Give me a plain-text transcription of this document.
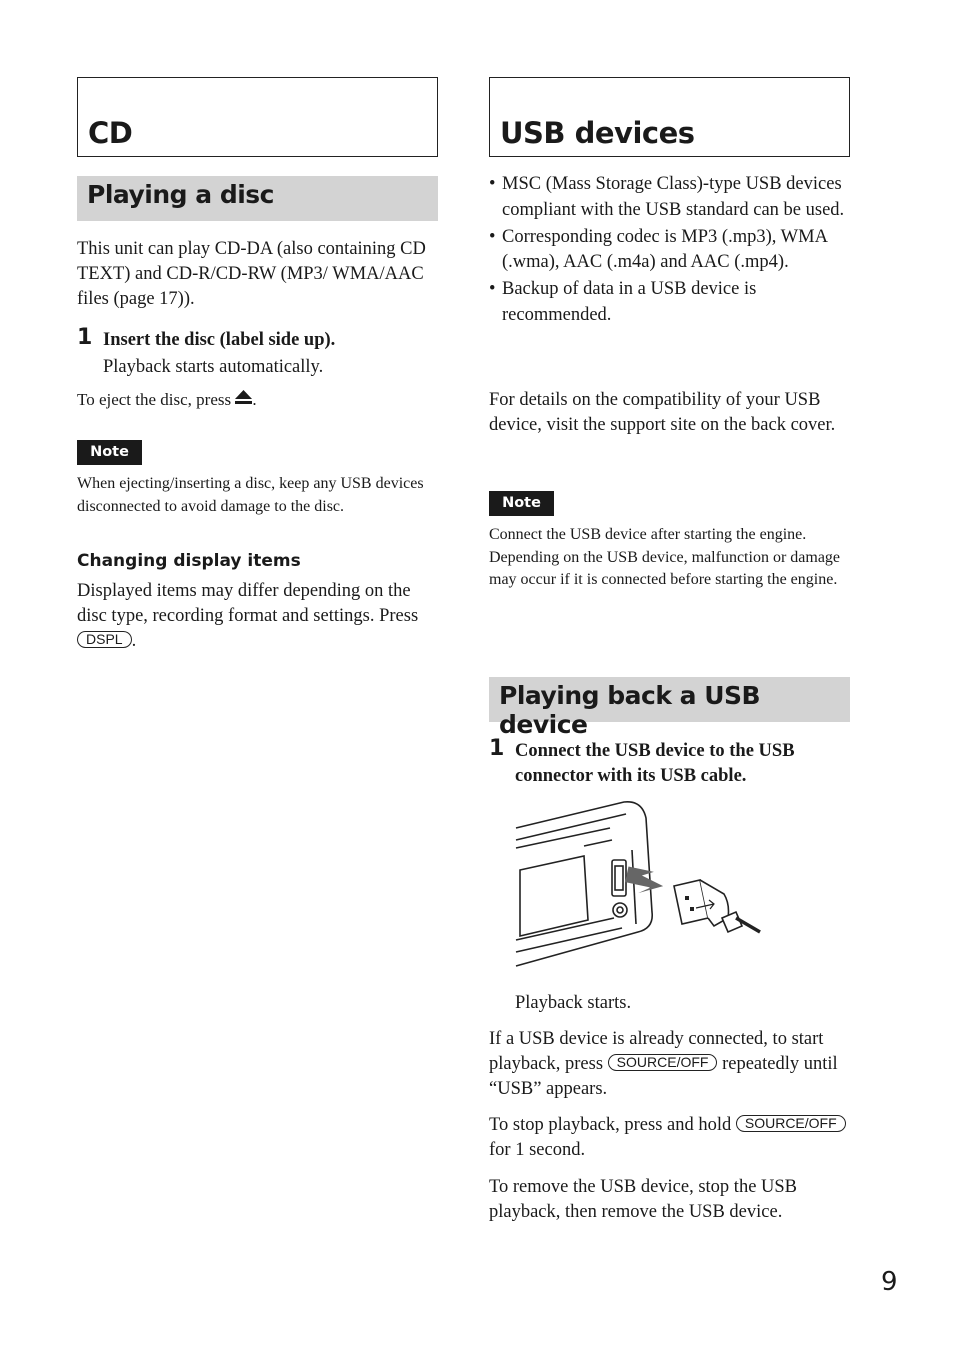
CD
Playing a disc

This unit can play CD-DA (also containing CD TEXT) and CD-R/CD-RW (MP3/ WMA/AAC files (page 17)).

1 Insert the disc (label side up).

Playback starts automatically.

To eject the disc, press .

Note

When ejecting/inserting a disc, keep any USB devices disconnected to avoid damage to the disc.

Changing display items

Displayed items may differ depending on the disc type, recording format and settings. Press DSPL .

USB devices
• MSC (Mass Storage Class)-type USB devices compliant with the USB standard can be used.
• Corresponding codec is MP3 (.mp3), WMA (.wma), AAC (.m4a) and AAC (.mp4).
• Backup of data in a USB device is recommended.

For details on the compatibility of your USB device, visit the support site on the back cover.

Note

Connect the USB device after starting the engine. Depending on the USB device, malfunction or damage may occur if it is connected before starting the engine.

Playing back a USB device
1 Connect the USB device to the USB connector with its USB cable.

Playback starts.

If a USB device is already connected, to start playback, press SOURCE/OFF repeatedly until “USB” appears.

To stop playback, press and hold SOURCE/OFF for 1 second.

To remove the USB device, stop the USB playback, then remove the USB device.

9
